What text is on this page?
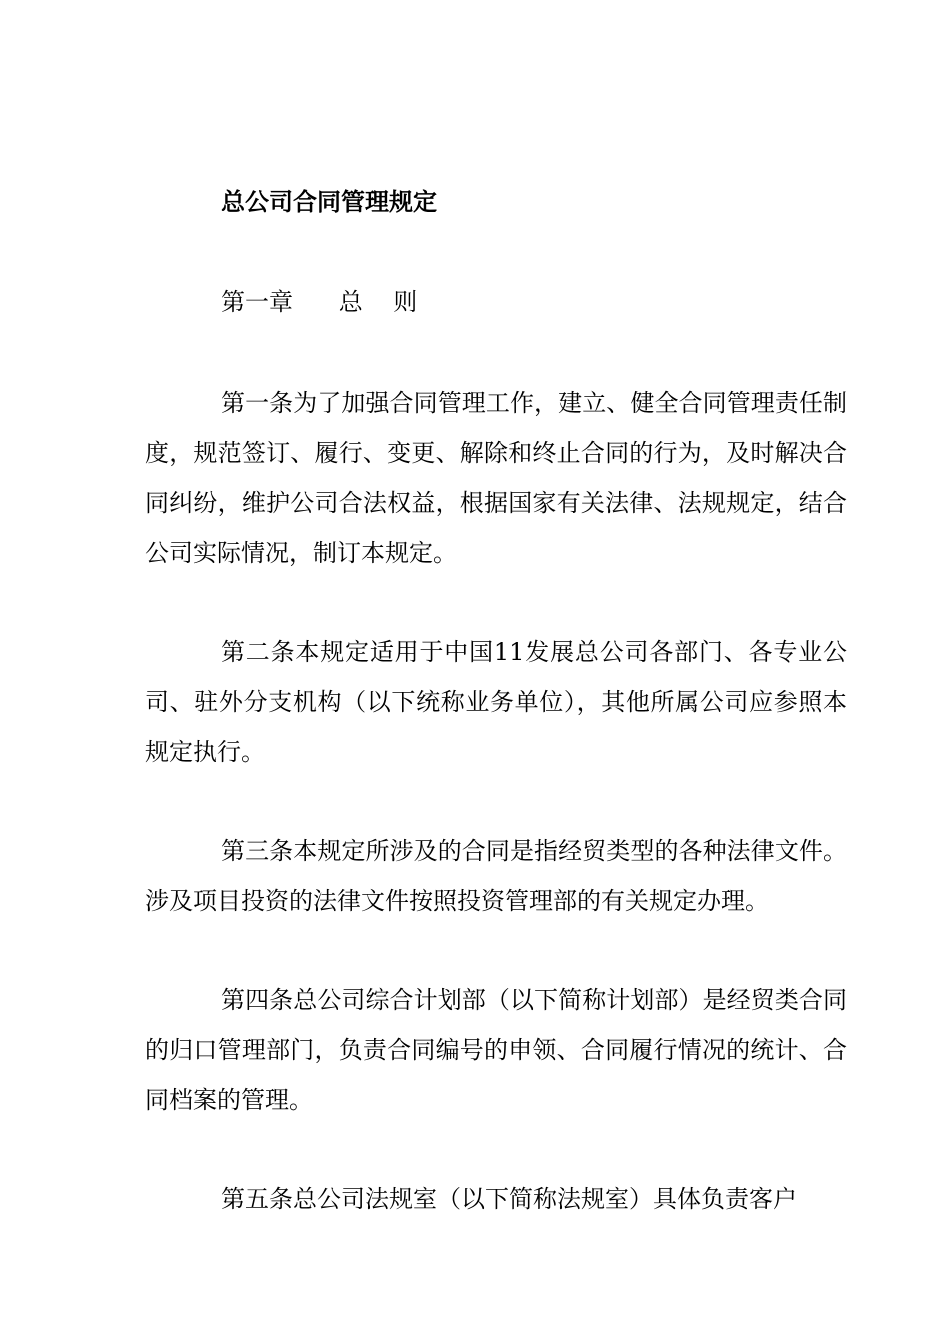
总公司合同管理规定
第一章      总    则

第一条为了加强合同管理工作，建立、健全合同管理责任制度，规范签订、履行、变更、解除和终止合同的行为，及时解决合同纠纷，维护公司合法权益，根据国家有关法律、法规规定，结合公司实际情况，制订本规定。

第二条本规定适用于中国11发展总公司各部门、各专业公司、驻外分支机构（以下统称业务单位），其他所属公司应参照本规定执行。

第三条本规定所涉及的合同是指经贸类型的各种法律文件。涉及项目投资的法律文件按照投资管理部的有关规定办理。

第四条总公司综合计划部（以下简称计划部）是经贸类合同的归口管理部门，负责合同编号的申领、合同履行情况的统计、合同档案的管理。

第五条总公司法规室（以下简称法规室）具体负责客户
